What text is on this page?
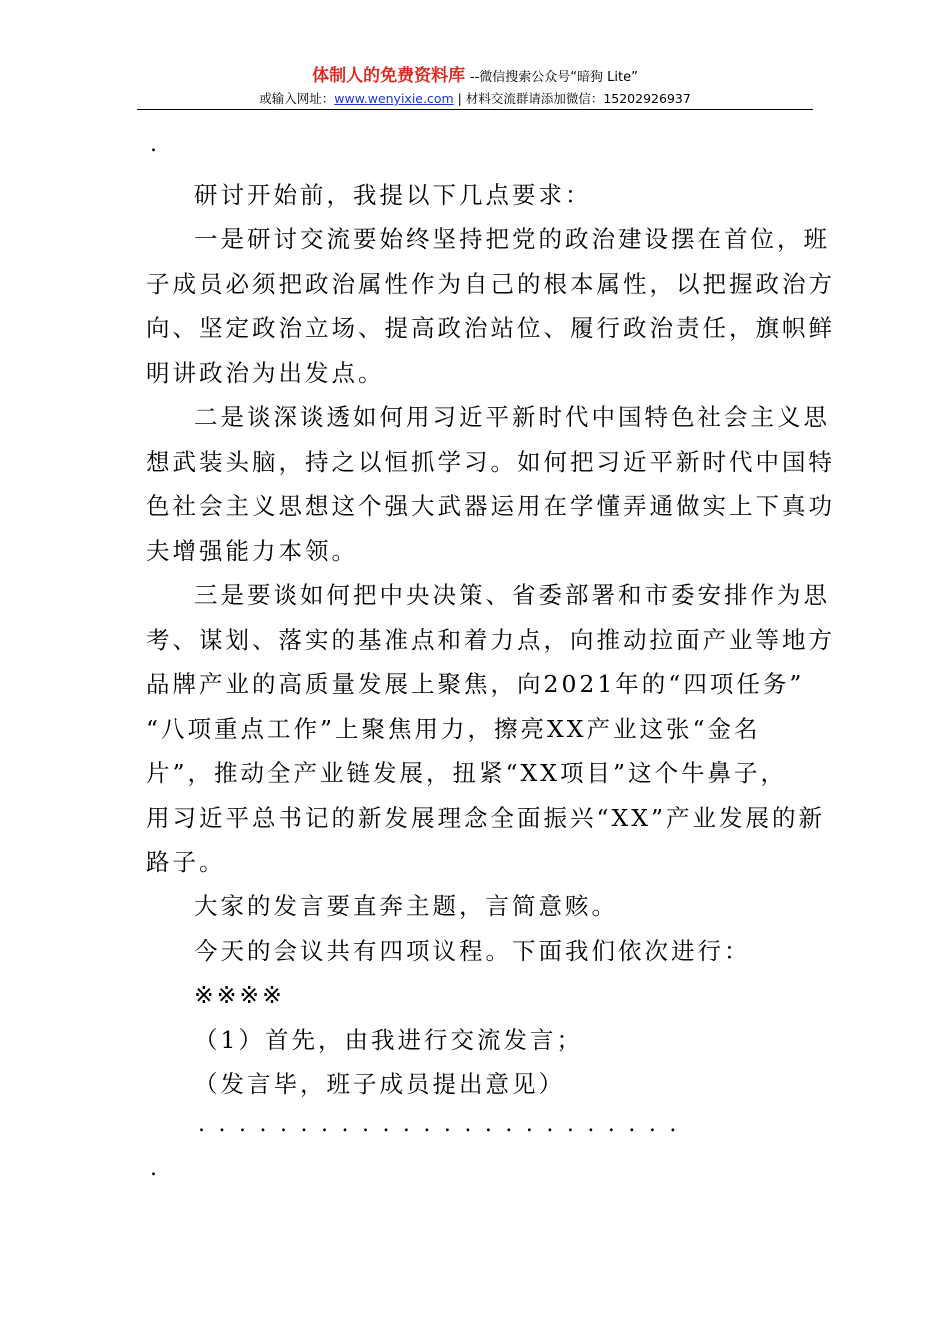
体制人的免费资料库 --微信搜索公众号“暗狗 Lite”
或输入网址：www.wenyixie.com | 材料交流群请添加微信：15202926937
.

研讨开始前，我提以下几点要求：

一是研讨交流要始终坚持把党的政治建设摆在首位，班
子成员必须把政治属性作为自己的根本属性，以把握政治方
向、坚定政治立场、提高政治站位、履行政治责任，旗帜鲜
明讲政治为出发点。

二是谈深谈透如何用习近平新时代中国特色社会主义思
想武装头脑，持之以恒抓学习。如何把习近平新时代中国特
色社会主义思想这个强大武器运用在学懂弄通做实上下真功
夫增强能力本领。

三是要谈如何把中央决策、省委部署和市委安排作为思
考、谋划、落实的基准点和着力点，向推动拉面产业等地方
品牌产业的高质量发展上聚焦，向2021年的“四项任务”
“八项重点工作”上聚焦用力，擦亮XX产业这张“金名
片”，推动全产业链发展，扭紧“XX项目”这个牛鼻子，
用习近平总书记的新发展理念全面振兴“XX”产业发展的新
路子。

大家的发言要直奔主题，言简意赅。

今天的会议共有四项议程。下面我们依次进行：

※※※※

（1）首先，由我进行交流发言；

（发言毕，班子成员提出意见）

.
........................
